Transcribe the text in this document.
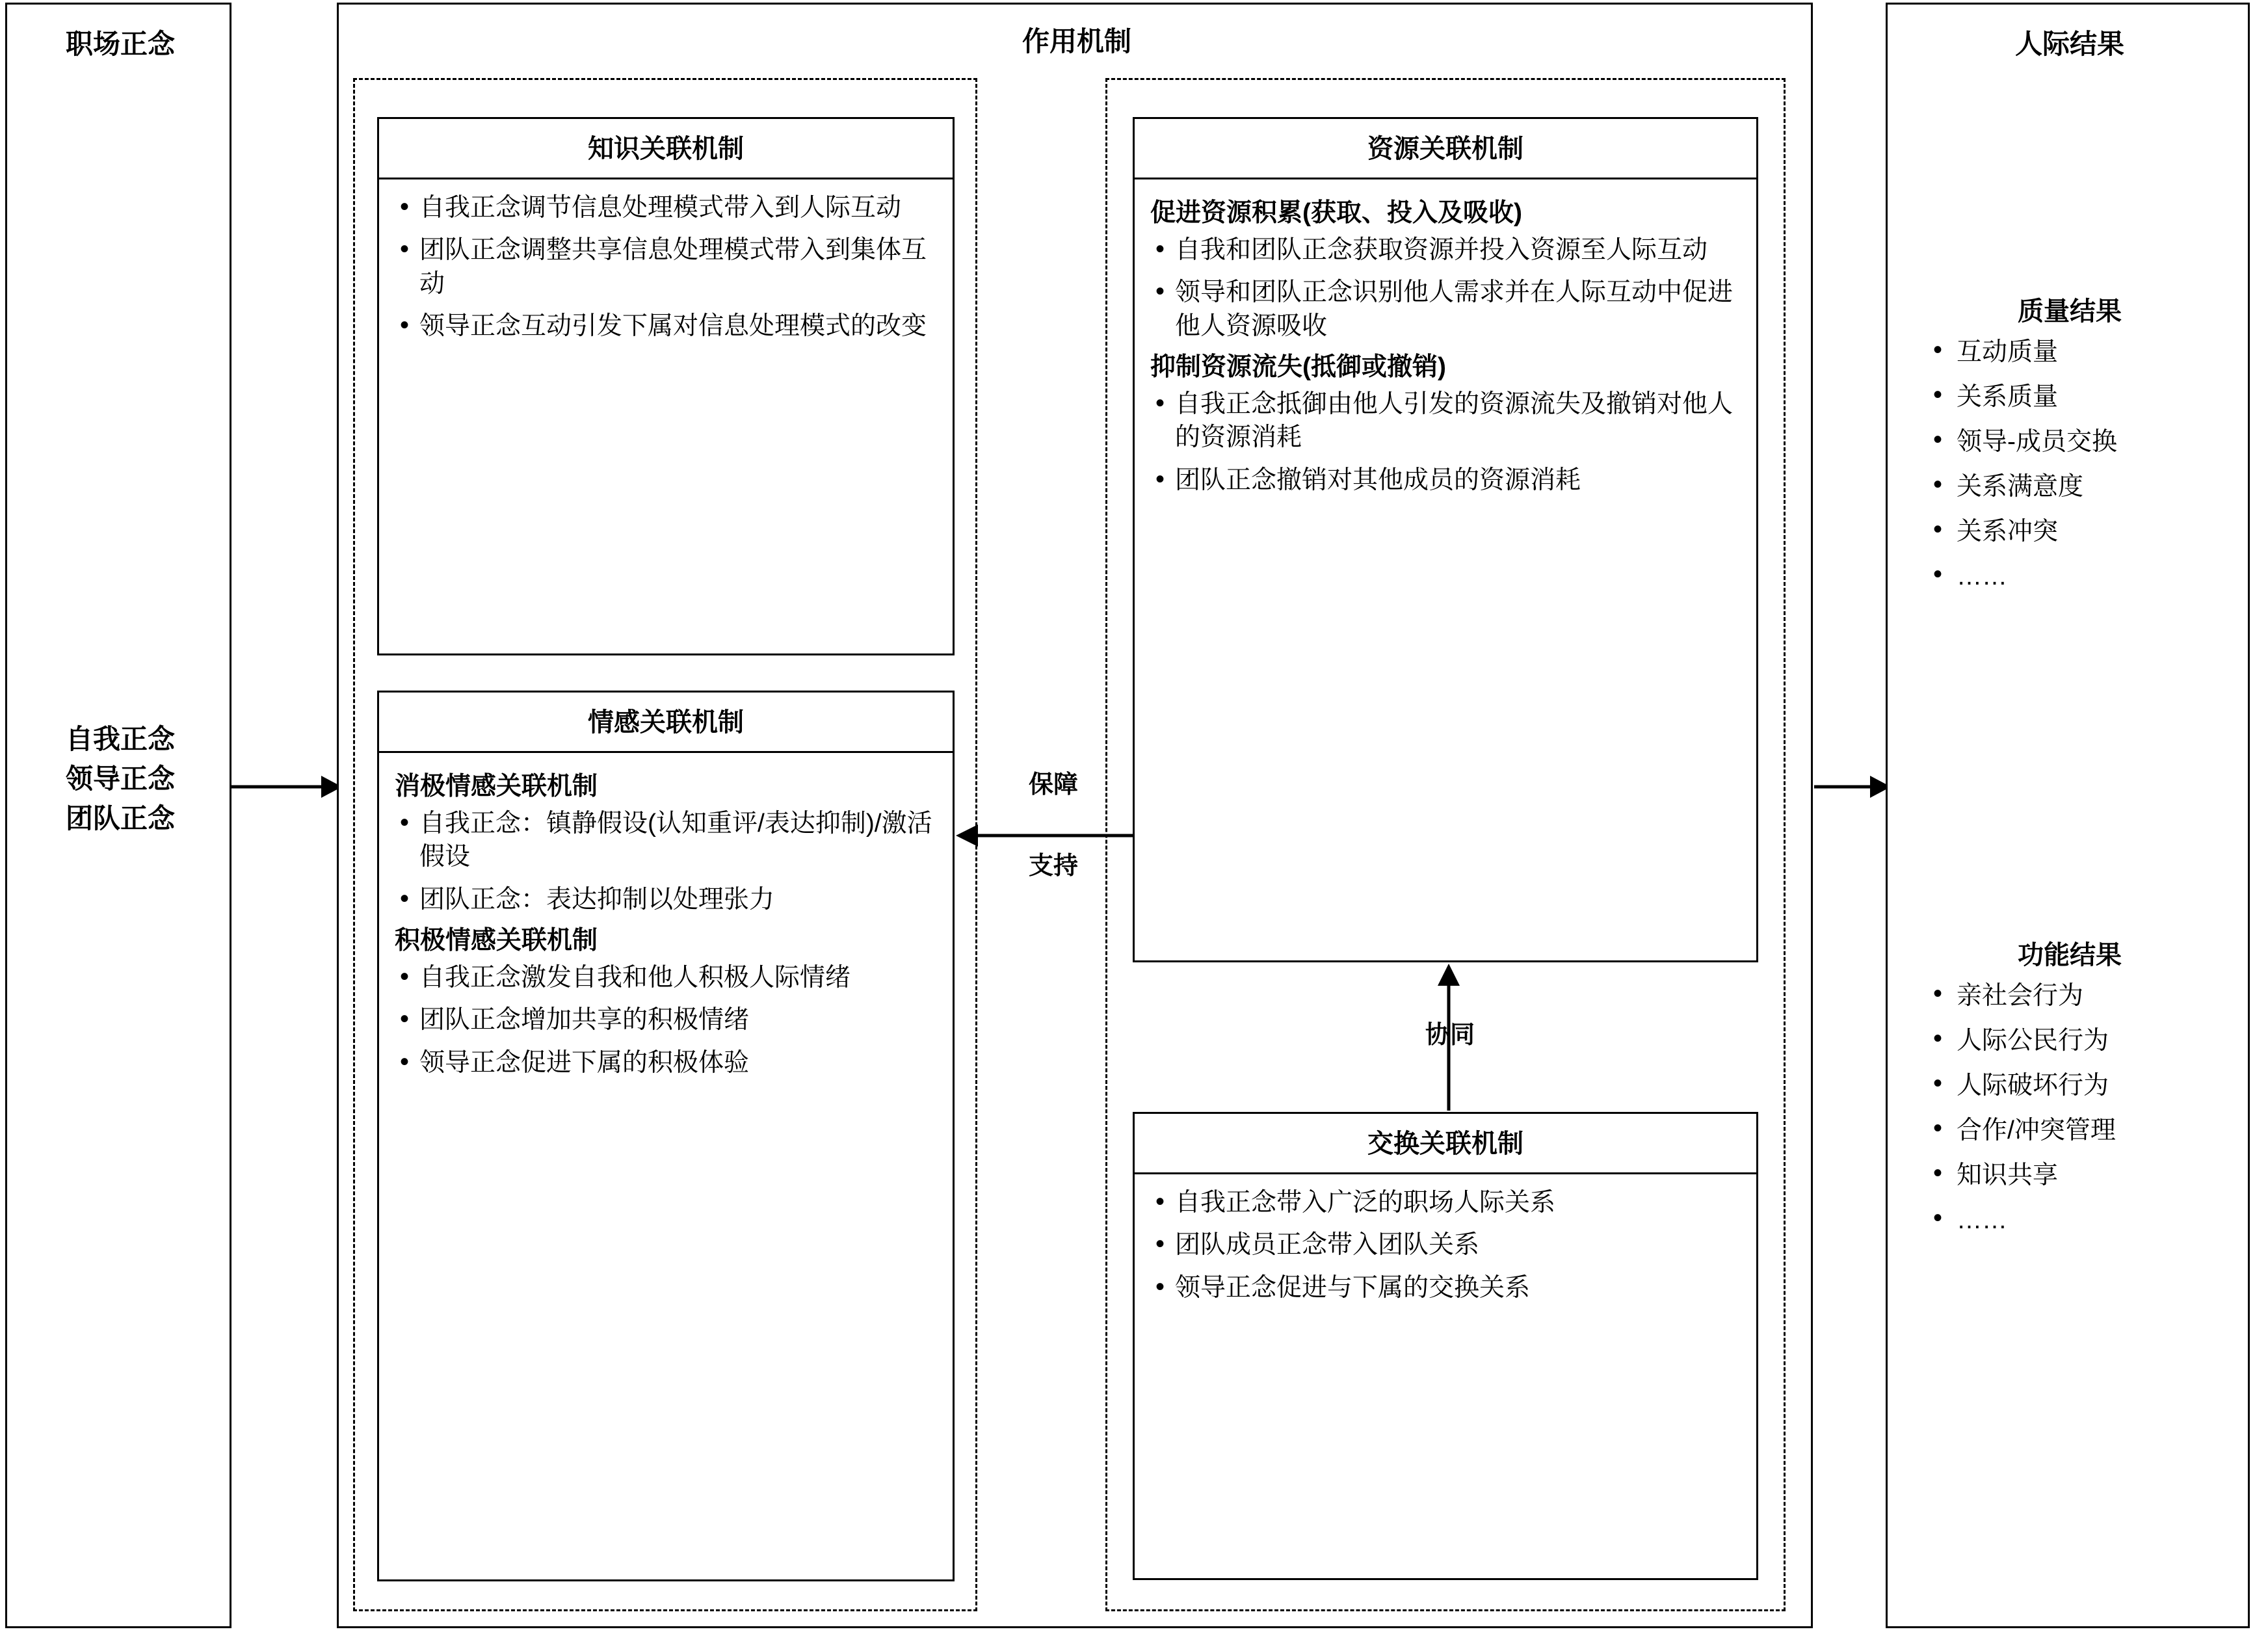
职场正念
自我正念
领导正念
团队正念
作用机制
知识关联机制
• 自我正念调节信息处理模式带入到人际互动
• 团队正念调整共享信息处理模式带入到集体互动
• 领导正念互动引发下属对信息处理模式的改变
情感关联机制
消极情感关联机制
• 自我正念：镇静假设(认知重评/表达抑制)/激活假设
• 团队正念：表达抑制以处理张力
积极情感关联机制
• 自我正念激发自我和他人积极人际情绪
• 团队正念增加共享的积极情绪
• 领导正念促进下属的积极体验
资源关联机制
促进资源积累(获取、投入及吸收)
• 自我和团队正念获取资源并投入资源至人际互动
• 领导和团队正念识别他人需求并在人际互动中促进他人资源吸收
抑制资源流失(抵御或撤销)
• 自我正念抵御由他人引发的资源流失及撤销对他人的资源消耗
• 团队正念撤销对其他成员的资源消耗
交换关联机制
• 自我正念带入广泛的职场人际关系
• 团队成员正念带入团队关系
• 领导正念促进与下属的交换关系
保障
支持
协同
人际结果
质量结果
• 互动质量
• 关系质量
• 领导-成员交换
• 关系满意度
• 关系冲突
• ……
功能结果
• 亲社会行为
• 人际公民行为
• 人际破坏行为
• 合作/冲突管理
• 知识共享
• ……
